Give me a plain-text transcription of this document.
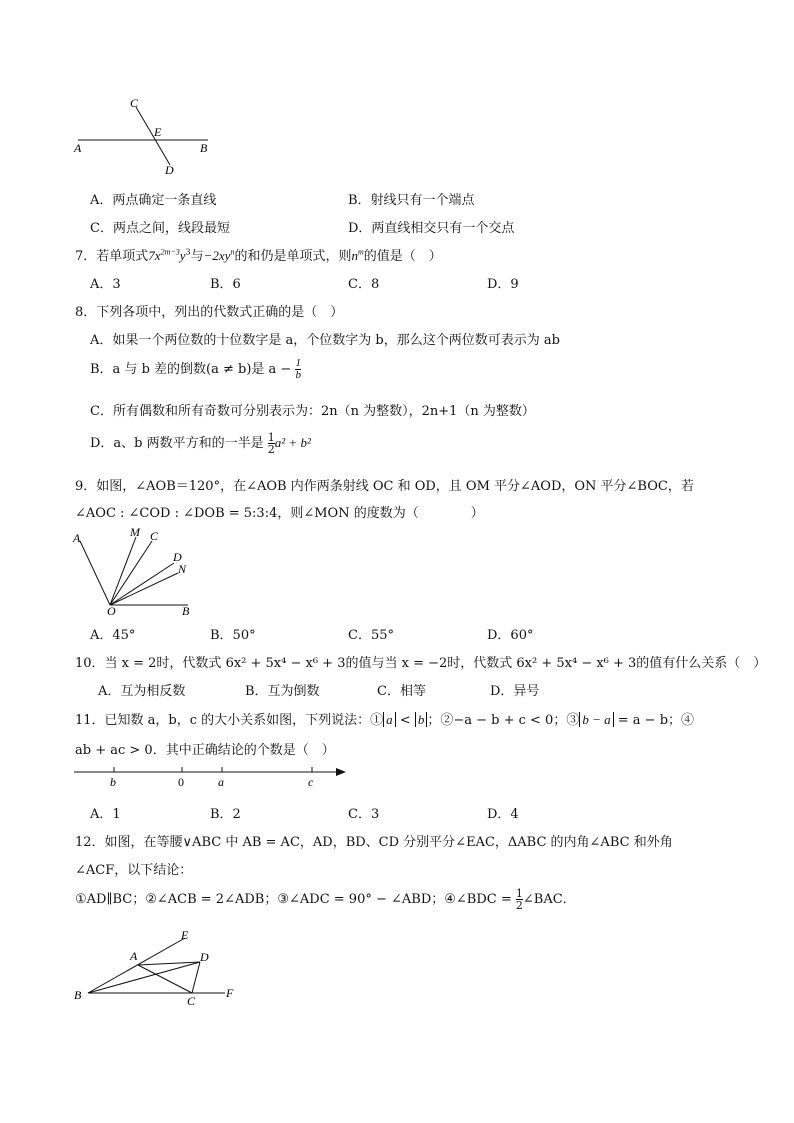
C
E
A	B
D
A．两点确定一条直线	B．射线只有一个端点
C．两点之间，线段最短	D．两直线相交只有一个交点
7．若单项式$7x^{2m-3}y^3$与$-2xy^n$的和仍是单项式，则$n^m$的值是（　）
A．3	B．6	C．8	D．9
8．下列各项中，列出的代数式正确的是（　）
A．如果一个两位数的十位数字是 a，个位数字为 b，那么这个两位数可表示为 ab
B．a 与 b 差的倒数(a ≠ b)是 $a - \frac{1}{b}$
C．所有偶数和所有奇数可分别表示为：2n（n 为整数），2n+1（n 为整数）
D．a、b 两数平方和的一半是 $\frac{1}{2} a^2 + b^2$
9．如图，∠AOB＝120°，在∠AOB 内作两条射线 OC 和 OD，且 OM 平分∠AOD，ON 平分∠BOC，若
∠AOC : ∠COD : ∠DOB = 5:3:4，则∠MON 的度数为（　　　　）
A	M C
D
N
O	B
A．45°	B．50°	C．55°	D．60°
10．当 x = 2时，代数式 6x² + 5x⁴ − x⁶ + 3的值与当 x = −2时，代数式 6x² + 5x⁴ − x⁶ + 3的值有什么关系（　）
A．互为相反数	B．互为倒数	C．相等	D．异号
11．已知数 a，b，c 的大小关系如图，下列说法：① a < b ；②−a − b + c < 0；③ b − a = a − b；④
ab + ac > 0．其中正确结论的个数是（　）
b	0	a	c
A．1	B．2	C．3	D．4
12．如图，在等腰∨ABC 中 AB = AC，AD，BD、CD 分别平分∠EAC，ΔABC 的内角∠ABC 和外角
∠ACF，以下结论：
①AD∥BC；②∠ACB = 2∠ADB；③∠ADC = 90° − ∠ABD；④∠BDC = $\frac{1}{2}$ ∠BAC．
E
A	D
B	C
F
